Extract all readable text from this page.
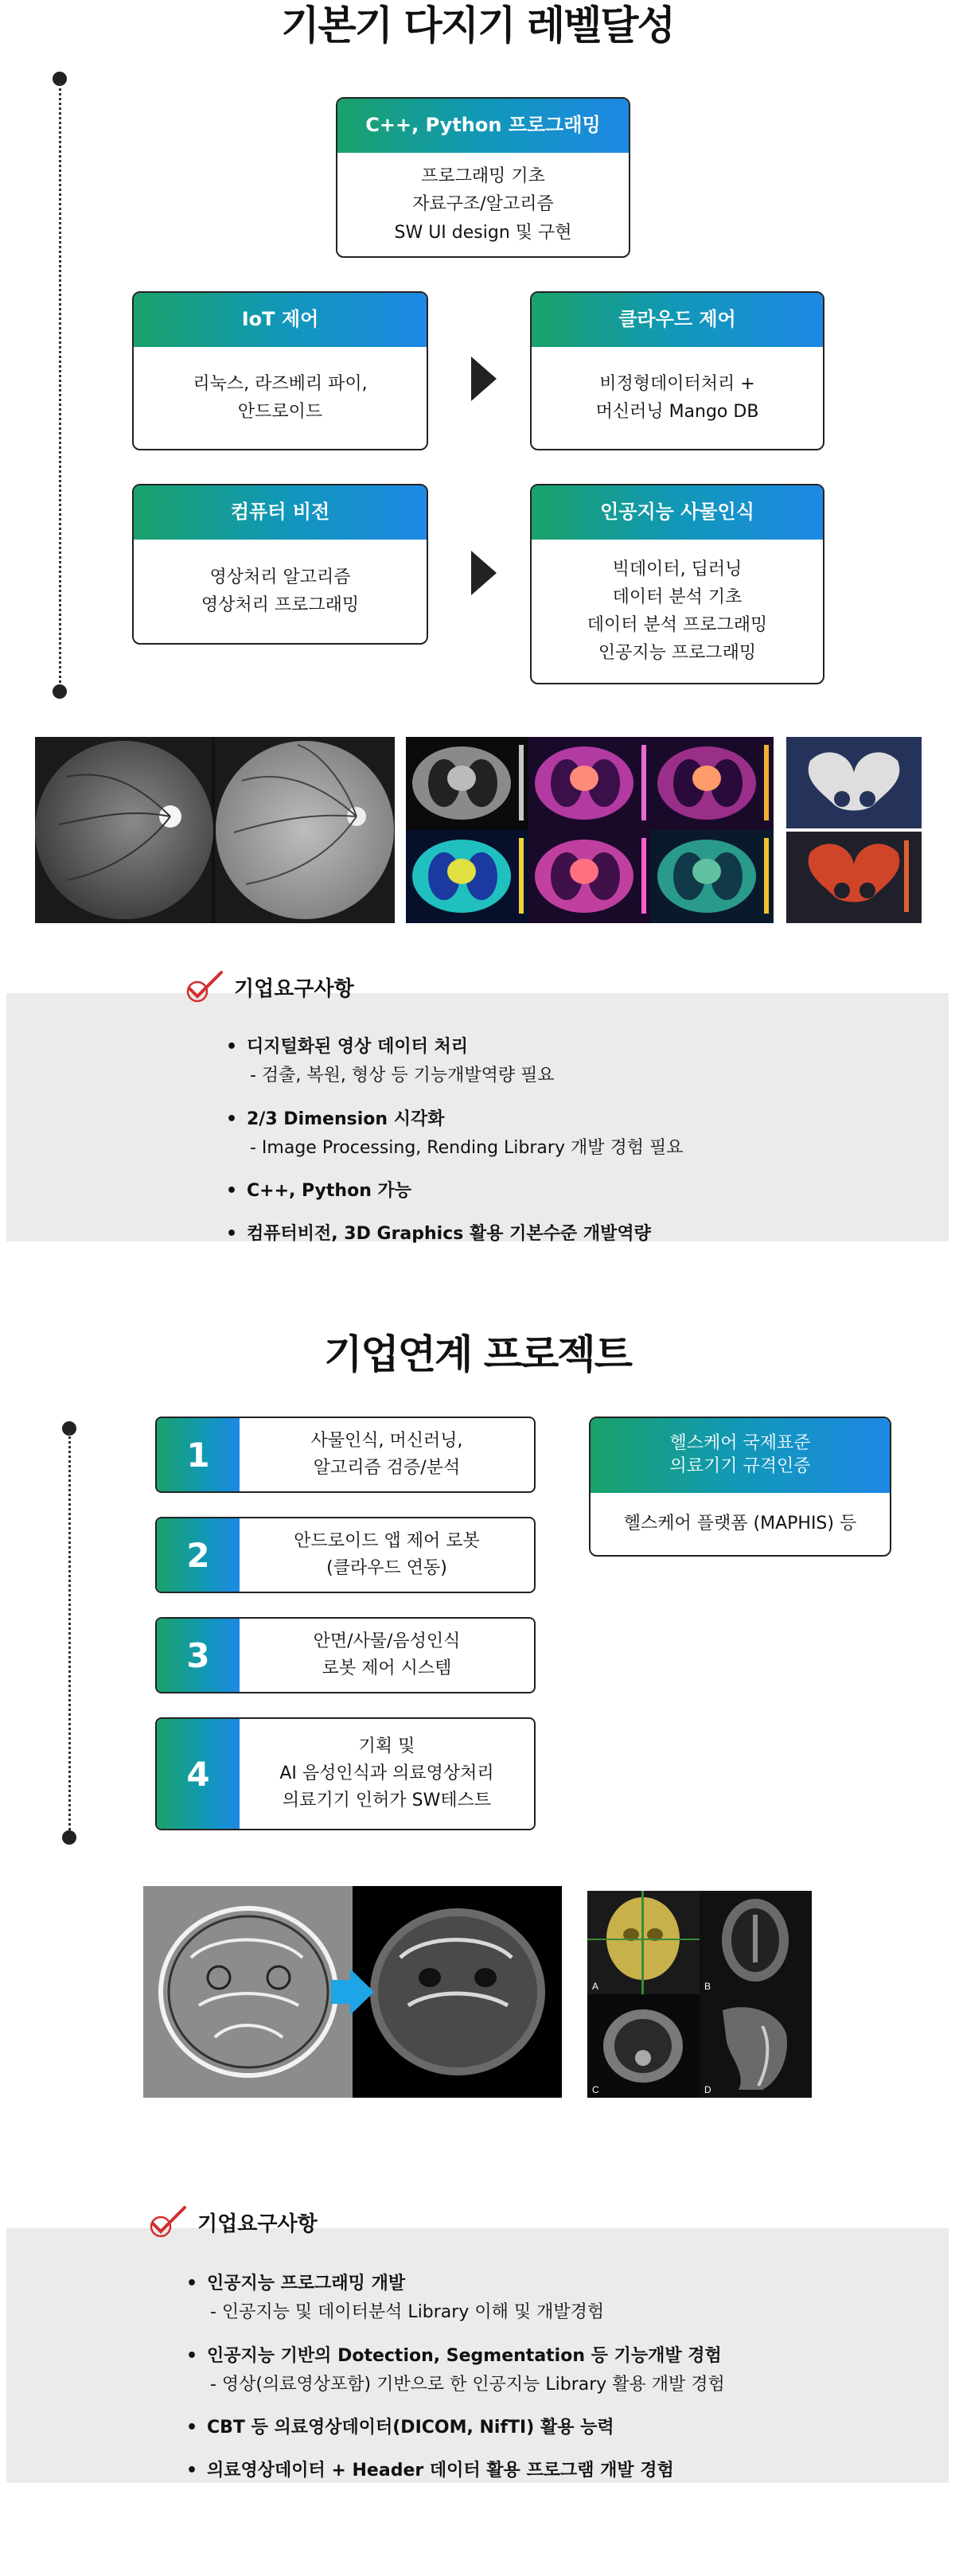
기본기 다지기 레벨달성
C++, Python 프로그래밍
프로그래밍 기초
자료구조/알고리즘
SW UI design 및 구현
IoT 제어
리눅스, 라즈베리 파이,
안드로이드
클라우드 제어
비정형데이터처리 +
머신러닝 Mango DB
컴퓨터 비전
영상처리 알고리즘
영상처리 프로그래밍
인공지능 사물인식
빅데이터, 딥러닝
데이터 분석 기초
데이터 분석 프로그래밍
인공지능 프로그래밍
기업요구사항
• 디지털화된 영상 데이터 처리
- 검출, 복원, 형상 등 기능개발역량 필요
• 2/3 Dimension 시각화
- Image Processing, Rending Library 개발 경험 필요
• C++, Python 가능
• 컴퓨터비전, 3D Graphics 활용 기본수준 개발역량
기업연계 프로젝트
1	사물인식, 머신러닝,
알고리즘 검증/분석
2	안드로이드 앱 제어 로봇
(클라우드 연동)
3	안면/사물/음성인식
로봇 제어 시스템
4
기획 및
AI 음성인식과 의료영상처리
의료기기 인허가 SW테스트
헬스케어 국제표준
의료기기 규격인증
헬스케어 플랫폼 (MAPHIS) 등
A	B
C	D
기업요구사항
• 인공지능 프로그래밍 개발
- 인공지능 및 데이터분석 Library 이해 및 개발경험
• 인공지능 기반의 Dotection, Segmentation 등 기능개발 경험
- 영상(의료영상포함) 기반으로 한 인공지능 Library 활용 개발 경험
• CBT 등 의료영상데이터(DICOM, NifTI) 활용 능력
• 의료영상데이터 + Header 데이터 활용 프로그램 개발 경험
